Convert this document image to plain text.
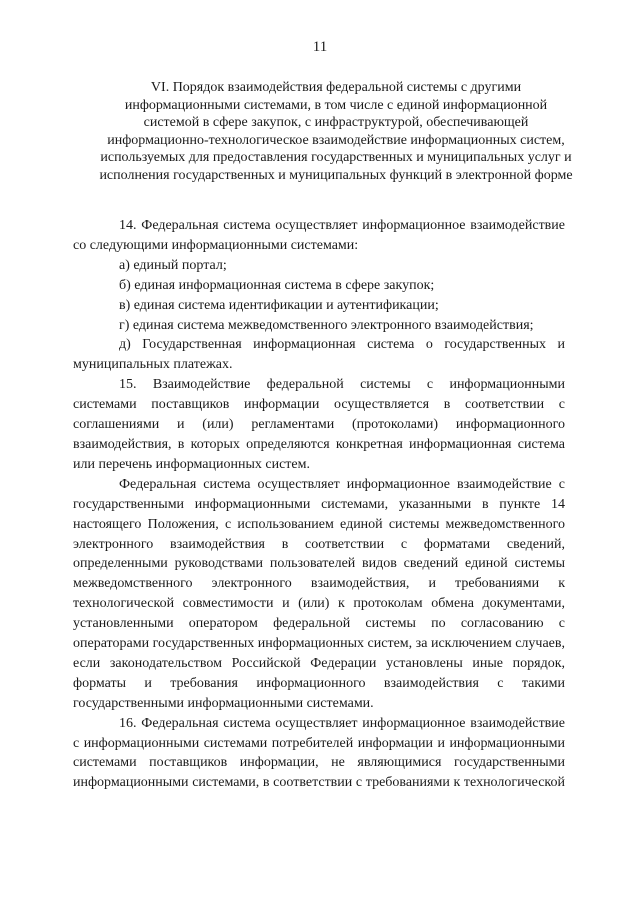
11
VI. Порядок взаимодействия федеральной системы с другими информационными системами, в том числе с единой информационной системой в сфере закупок, с инфраструктурой, обеспечивающей информационно-технологическое взаимодействие информационных систем, используемых для предоставления государственных и муниципальных услуг и исполнения государственных и муниципальных функций в электронной форме

14. Федеральная система осуществляет информационное взаимодействие со следующими информационными системами:

а) единый портал;

б) единая информационная система в сфере закупок;

в) единая система идентификации и аутентификации;

г) единая система межведомственного электронного взаимодействия;

д) Государственная информационная система о государственных и муниципальных платежах.

15. Взаимодействие федеральной системы с информационными системами поставщиков информации осуществляется в соответствии с соглашениями и (или) регламентами (протоколами) информационного взаимодействия, в которых определяются конкретная информационная система или перечень информационных систем.

Федеральная система осуществляет информационное взаимодействие с государственными информационными системами, указанными в пункте 14 настоящего Положения, с использованием единой системы межведомственного электронного взаимодействия в соответствии с форматами сведений, определенными руководствами пользователей видов сведений единой системы межведомственного электронного взаимодействия, и требованиями к технологической совместимости и (или) к протоколам обмена документами, установленными оператором федеральной системы по согласованию с операторами государственных информационных систем, за исключением случаев, если законодательством Российской Федерации установлены иные порядок, форматы и требования информационного взаимодействия с такими государственными информационными системами.

16. Федеральная система осуществляет информационное взаимодействие с информационными системами потребителей информации и информационными системами поставщиков информации, не являющимися государственными информационными системами, в соответствии с требованиями к технологической
